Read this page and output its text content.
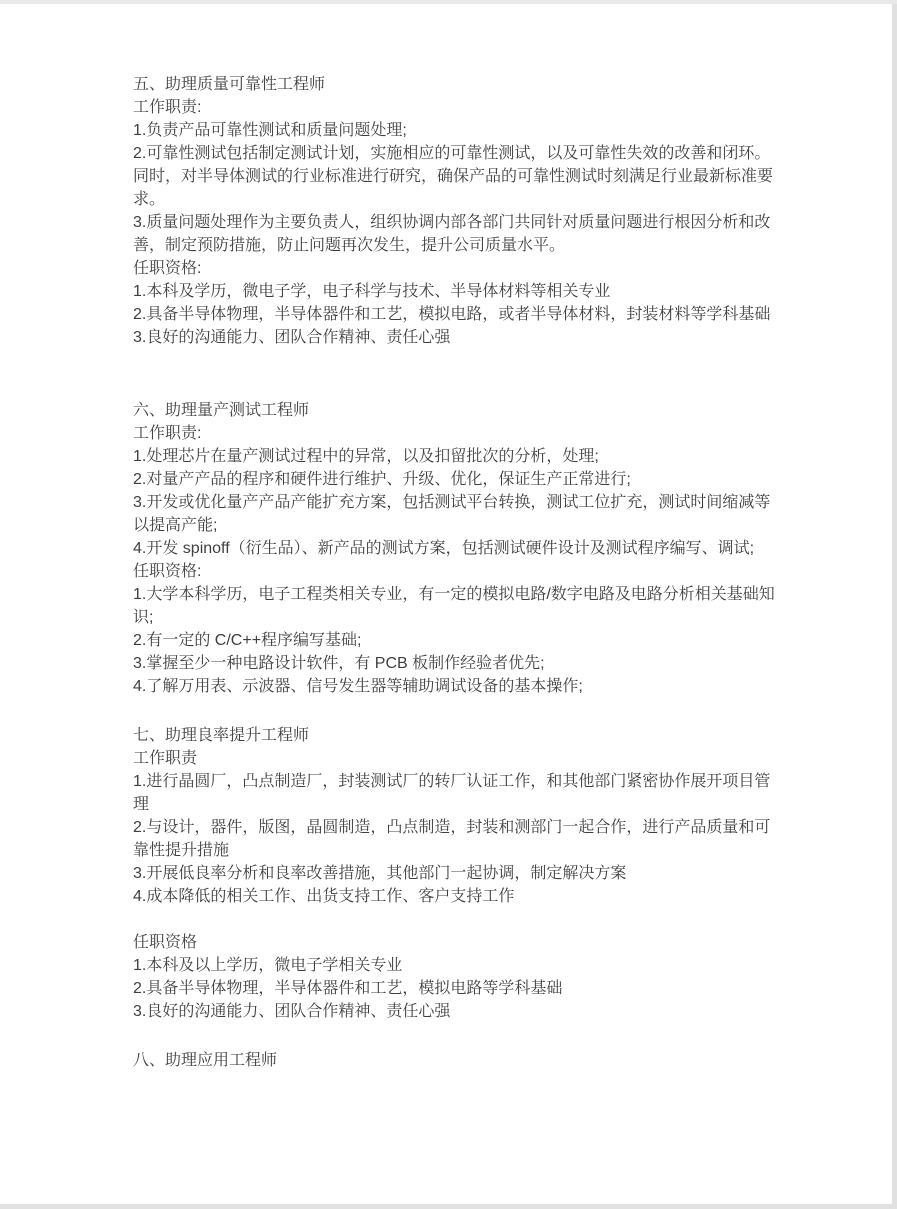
五、助理质量可靠性工程师

工作职责:

1.负责产品可靠性测试和质量问题处理;

2.可靠性测试包括制定测试计划，实施相应的可靠性测试，以及可靠性失效的改善和闭环。同时，对半导体测试的行业标准进行研究，确保产品的可靠性测试时刻满足行业最新标准要求。

3.质量问题处理作为主要负责人，组织协调内部各部门共同针对质量问题进行根因分析和改善，制定预防措施，防止问题再次发生，提升公司质量水平。

任职资格:

1.本科及学历，微电子学，电子科学与技术、半导体材料等相关专业

2.具备半导体物理，半导体器件和工艺，模拟电路，或者半导体材料，封装材料等学科基础

3.良好的沟通能力、团队合作精神、责任心强

六、助理量产测试工程师

工作职责:

1.处理芯片在量产测试过程中的异常，以及扣留批次的分析，处理;

2.对量产产品的程序和硬件进行维护、升级、优化，保证生产正常进行;

3.开发或优化量产产品产能扩充方案，包括测试平台转换，测试工位扩充，测试时间缩减等以提高产能;

4.开发 spinoff（衍生品）、新产品的测试方案，包括测试硬件设计及测试程序编写、调试;

任职资格:

1.大学本科学历，电子工程类相关专业，有一定的模拟电路/数字电路及电路分析相关基础知识;

2.有一定的 C/C++程序编写基础;

3.掌握至少一种电路设计软件，有 PCB 板制作经验者优先;

4.了解万用表、示波器、信号发生器等辅助调试设备的基本操作;

七、助理良率提升工程师

工作职责

1.进行晶圆厂，凸点制造厂，封装测试厂的转厂认证工作，和其他部门紧密协作展开项目管理

2.与设计，器件，版图，晶圆制造，凸点制造，封装和测部门一起合作，进行产品质量和可靠性提升措施

3.开展低良率分析和良率改善措施，其他部门一起协调，制定解决方案

4.成本降低的相关工作、出货支持工作、客户支持工作

任职资格

1.本科及以上学历，微电子学相关专业

2.具备半导体物理，半导体器件和工艺，模拟电路等学科基础

3.良好的沟通能力、团队合作精神、责任心强

八、助理应用工程师
